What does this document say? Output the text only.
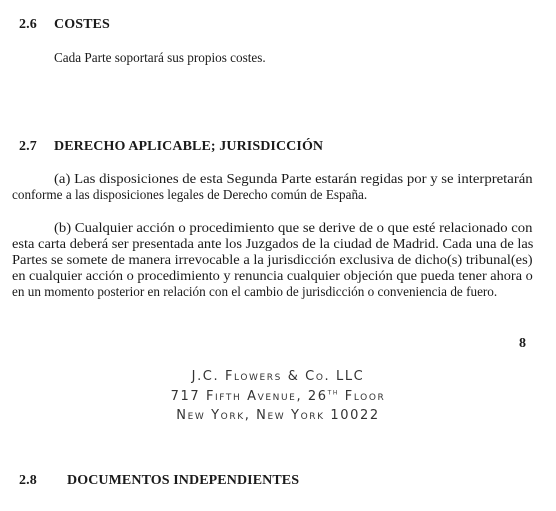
2.6 COSTES
Cada Parte soportará sus propios costes.
2.7 DERECHO APLICABLE; JURISDICCIÓN
(a) Las disposiciones de esta Segunda Parte estarán regidas por y se interpretarán
conforme a las disposiciones legales de Derecho común de España.
(b) Cualquier acción o procedimiento que se derive de o que esté relacionado con
esta carta deberá ser presentada ante los Juzgados de la ciudad de Madrid. Cada una de las
Partes se somete de manera irrevocable a la jurisdicción exclusiva de dicho(s) tribunal(es)
en cualquier acción o procedimiento y renuncia cualquier objeción que pueda tener ahora o
en un momento posterior en relación con el cambio de jurisdicción o conveniencia de fuero.
8
J.C. Flowers & Co. LLC
717 Fifth Avenue, 26th Floor
New York, New York 10022
2.8 DOCUMENTOS INDEPENDIENTES
